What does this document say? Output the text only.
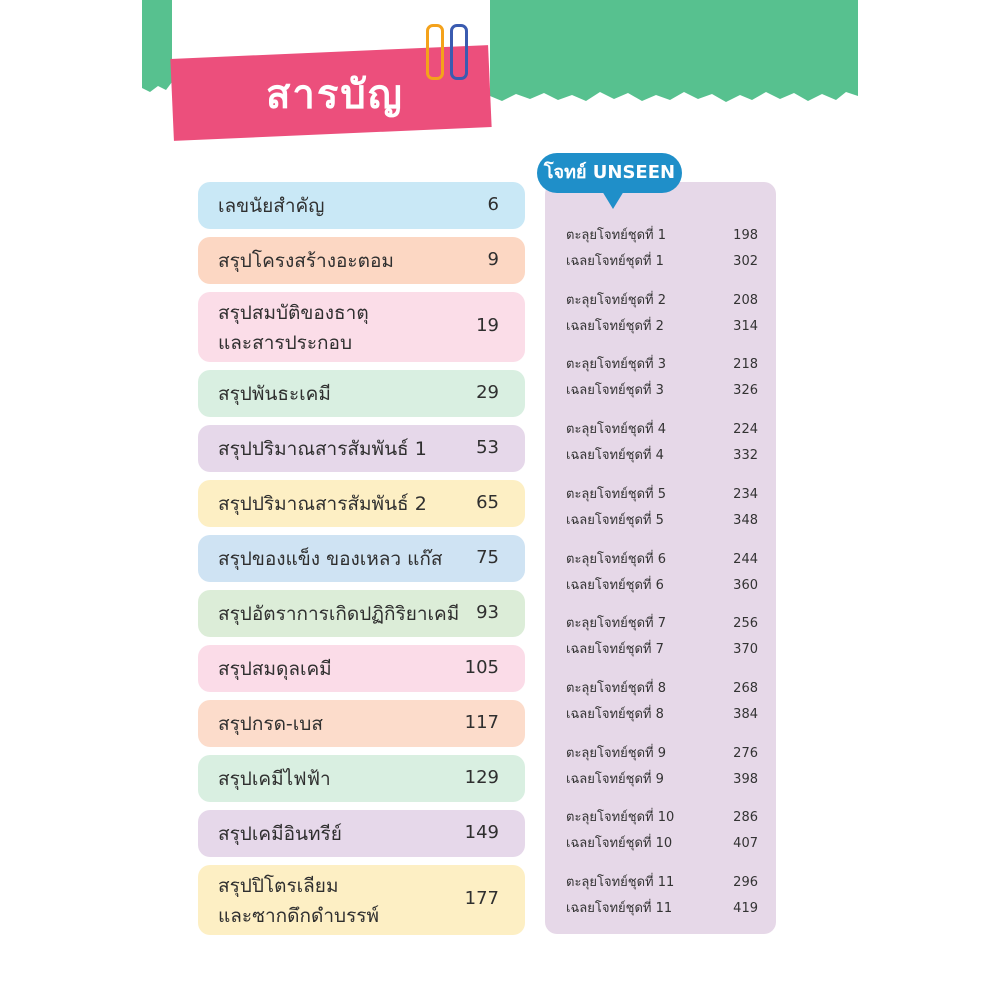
สารบัญ
เลขนัยสำคัญ	6
สรุปโครงสร้างอะตอม	9
สรุปสมบัติของธาตุ
และสารประกอบ
19
สรุปพันธะเคมี	29
สรุปปริมาณสารสัมพันธ์ 1	53
สรุปปริมาณสารสัมพันธ์ 2	65
สรุปของแข็ง ของเหลว แก๊ส 75
สรุปอัตราการเกิดปฏิกิริยาเคมี 93
สรุปสมดุลเคมี	105
สรุปกรด-เบส	117
สรุปเคมีไฟฟ้า	129
สรุปเคมีอินทรีย์	149
สรุปปิโตรเลียม
และซากดึกดำบรรพ์
177
โจทย์ UNSEEN
ตะลุยโจทย์ชุดที่ 1	198
เฉลยโจทย์ชุดที่ 1	302
ตะลุยโจทย์ชุดที่ 2	208
เฉลยโจทย์ชุดที่ 2	314
ตะลุยโจทย์ชุดที่ 3	218
เฉลยโจทย์ชุดที่ 3	326
ตะลุยโจทย์ชุดที่ 4	224
เฉลยโจทย์ชุดที่ 4	332
ตะลุยโจทย์ชุดที่ 5	234
เฉลยโจทย์ชุดที่ 5	348
ตะลุยโจทย์ชุดที่ 6	244
เฉลยโจทย์ชุดที่ 6	360
ตะลุยโจทย์ชุดที่ 7	256
เฉลยโจทย์ชุดที่ 7	370
ตะลุยโจทย์ชุดที่ 8	268
เฉลยโจทย์ชุดที่ 8	384
ตะลุยโจทย์ชุดที่ 9	276
เฉลยโจทย์ชุดที่ 9	398
ตะลุยโจทย์ชุดที่ 10	286
เฉลยโจทย์ชุดที่ 10	407
ตะลุยโจทย์ชุดที่ 11	296
เฉลยโจทย์ชุดที่ 11	419
